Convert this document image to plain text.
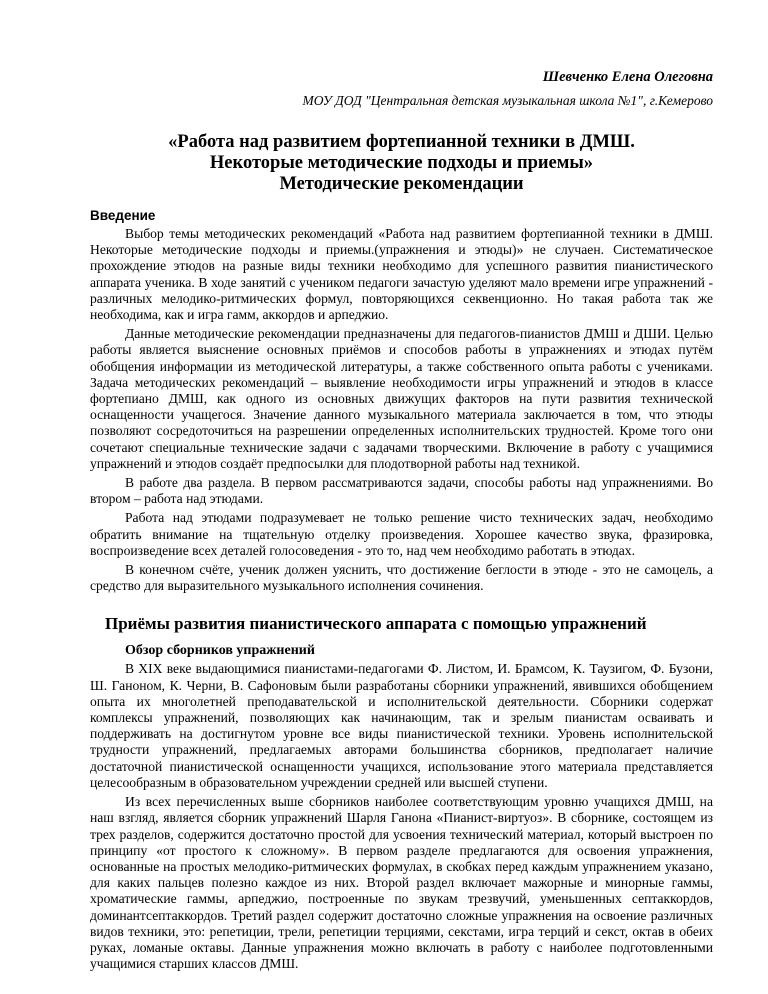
Шевченко Елена Олеговна

МОУ ДОД "Центральная детская музыкальная школа №1", г.Кемерово

«Работа над развитием фортепианной техники в ДМШ.
Некоторые методические подходы и приемы»
Методические рекомендации
Введение

Выбор темы методических рекомендаций «Работа над развитием фортепианной техники в ДМШ. Некоторые методические подходы и приемы.(упражнения и этюды)» не случаен. Систематическое прохождение этюдов на разные виды техники необходимо для успешного развития пианистического аппарата ученика. В ходе занятий с учеником педагоги зачастую уделяют мало времени игре упражнений - различных мелодико-ритмических формул, повторяющихся секвенционно. Но такая работа так же необходима, как и игра гамм, аккордов и арпеджио.

Данные методические рекомендации предназначены для педагогов-пианистов ДМШ и ДШИ. Целью работы является выяснение основных приёмов и способов работы в упражнениях и этюдах путём обобщения информации из методической литературы, а также собственного опыта работы с учениками. Задача методических рекомендаций – выявление необходимости игры упражнений и этюдов в классе фортепиано ДМШ, как одного из основных движущих факторов на пути развития технической оснащенности учащегося. Значение данного музыкального материала заключается в том, что этюды позволяют сосредоточиться на разрешении определенных исполнительских трудностей. Кроме того они сочетают специальные технические задачи с задачами творческими. Включение в работу с учащимися упражнений и этюдов создаёт предпосылки для плодотворной работы над техникой.

В работе два раздела. В первом рассматриваются задачи, способы работы над упражнениями. Во втором – работа над этюдами.

Работа над этюдами подразумевает не только решение чисто технических задач, необходимо обратить внимание на тщательную отделку произведения. Хорошее качество звука, фразировка, воспроизведение всех деталей голосоведения - это то, над чем необходимо работать в этюдах.

В конечном счёте, ученик должен уяснить, что достижение беглости в этюде - это не самоцель, а средство для выразительного музыкального исполнения сочинения.

Приёмы развития пианистического аппарата с помощью упражнений
Обзор сборников упражнений

В XIX веке выдающимися пианистами-педагогами Ф. Листом, И. Брамсом, К. Таузигом, Ф. Бузони, Ш. Ганоном, К. Черни, В. Сафоновым были разработаны сборники упражнений, явившихся обобщением опыта их многолетней преподавательской и исполнительской деятельности. Сборники содержат комплексы упражнений, позволяющих как начинающим, так и зрелым пианистам осваивать и поддерживать на достигнутом уровне все виды пианистической техники. Уровень исполнительской трудности упражнений, предлагаемых авторами большинства сборников, предполагает наличие достаточной пианистической оснащенности учащихся, использование этого материала представляется целесообразным в образовательном учреждении средней или высшей ступени.

Из всех перечисленных выше сборников наиболее соответствующим уровню учащихся ДМШ, на наш взгляд, является сборник упражнений Шарля Ганона «Пианист-виртуоз». В сборнике, состоящем из трех разделов, содержится достаточно простой для усвоения технический материал, который выстроен по принципу «от простого к сложному». В первом разделе предлагаются для освоения упражнения, основанные на простых мелодико-ритмических формулах, в скобках перед каждым упражнением указано, для каких пальцев полезно каждое из них. Второй раздел включает мажорные и минорные гаммы, хроматические гаммы, арпеджио, построенные по звукам трезвучий, уменьшенных септаккордов, доминантсептаккордов. Третий раздел содержит достаточно сложные упражнения на освоение различных видов техники, это: репетиции, трели, репетиции терциями, секстами, игра терций и секст, октав в обеих руках, ломаные октавы. Данные упражнения можно включать в работу с наиболее подготовленными учащимися старших классов ДМШ.
